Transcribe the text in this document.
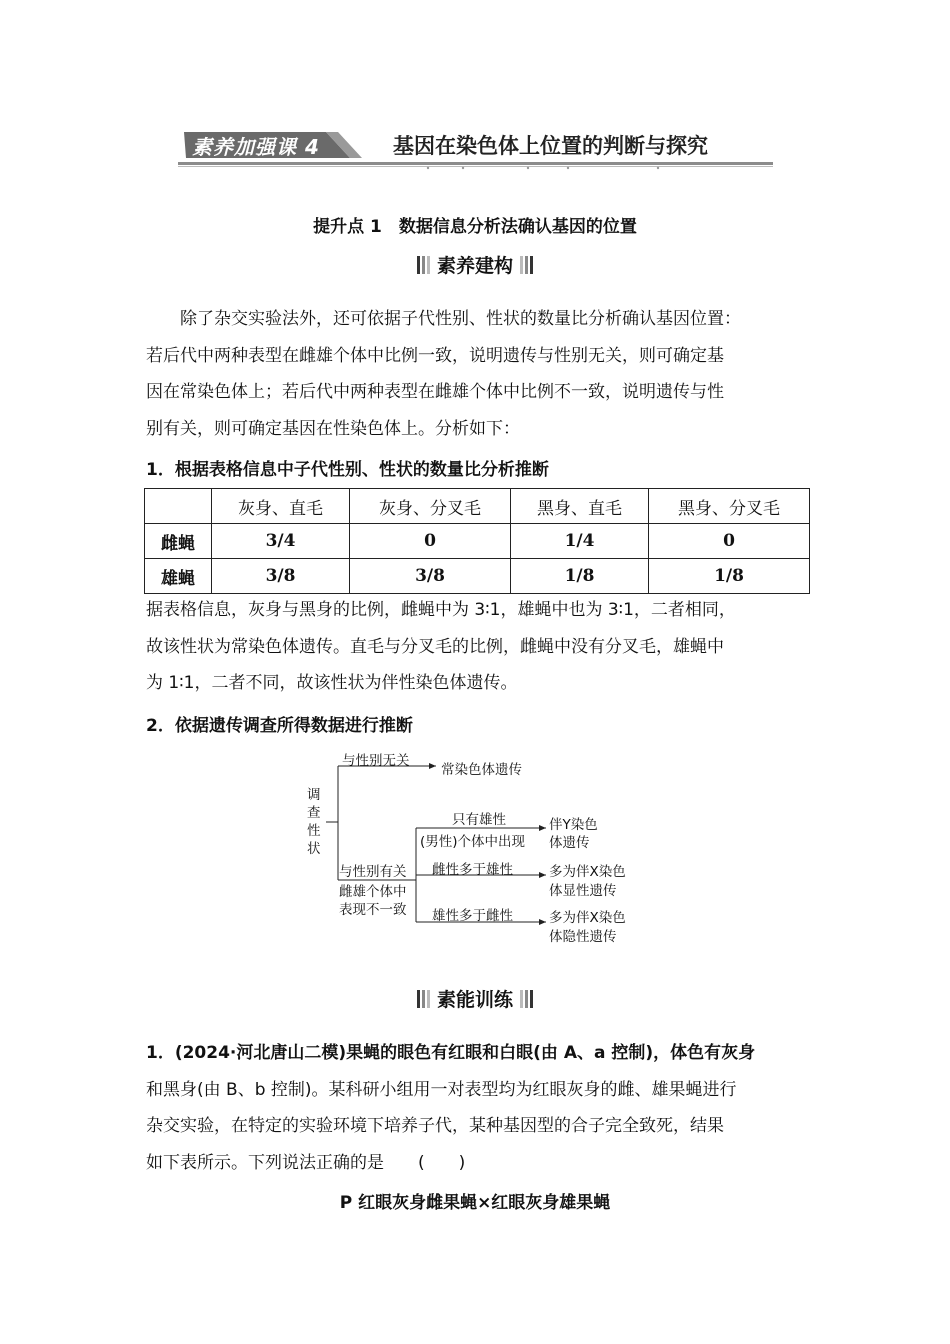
素养加强课 4	基因在染色体上位置的判断与探究
提升点 1　数据信息分析法确认基因的位置
素养建构
除了杂交实验法外，还可依据子代性别、性状的数量比分析确认基因位置：
若后代中两种表型在雌雄个体中比例一致，说明遗传与性别无关，则可确定基
因在常染色体上；若后代中两种表型在雌雄个体中比例不一致，说明遗传与性
别有关，则可确定基因在性染色体上。分析如下：
1．根据表格信息中子代性别、性状的数量比分析推断
	灰身、直毛	灰身、分叉毛	黑身、直毛	黑身、分叉毛
雌蝇	3/4	0	1/4	0
雄蝇	3/8	3/8	1/8	1/8
据表格信息，灰身与黑身的比例，雌蝇中为 3∶1，雄蝇中也为 3∶1，二者相同，
故该性状为常染色体遗传。直毛与分叉毛的比例，雌蝇中没有分叉毛，雄蝇中
为 1∶1，二者不同，故该性状为伴性染色体遗传。
2．依据遗传调查所得数据进行推断
调
查
性
状
与性别无关
常染色体遗传
与性别有关
雌雄个体中
表现不一致
只有雄性
(男性)个体中出现
伴Y染色
体遗传
雌性多于雄性	多为伴X染色
体显性遗传
雄性多于雌性	多为伴X染色
体隐性遗传
素能训练
1．(2024·河北唐山二模)果蝇的眼色有红眼和白眼(由 A、a 控制)，体色有灰身
和黑身(由 B、b 控制)。某科研小组用一对表型均为红眼灰身的雌、雄果蝇进行
杂交实验，在特定的实验环境下培养子代，某种基因型的合子完全致死，结果
如下表所示。下列说法正确的是　　(　　)
P 红眼灰身雌果蝇×红眼灰身雄果蝇
